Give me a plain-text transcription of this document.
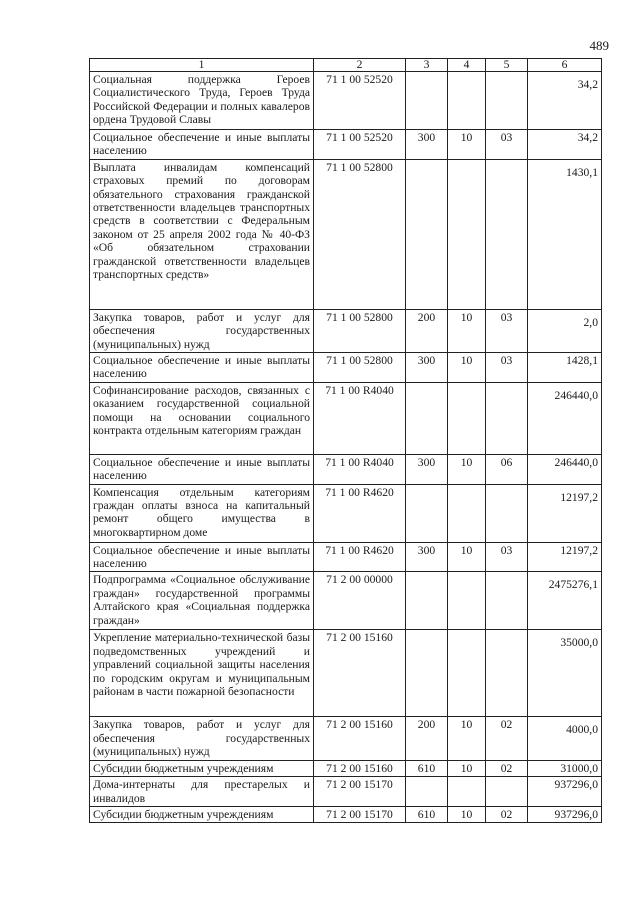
489
1	2	3	4	5	6
Социальная поддержка Героев Социалистического Труда, Героев Труда Российской Федерации и полных кавалеров ордена Трудовой Славы	71 1 00 52520				34,2
Социальное обеспечение и иные выплаты населению	71 1 00 52520	300	10	03	34,2
Выплата инвалидам компенсаций страховых премий по договорам обязательного страхования гражданской ответственности владельцев транспортных средств в соответствии с Федеральным законом от 25 апреля 2002 года № 40-ФЗ «Об обязательном страховании гражданской ответственности владельцев транспортных средств»	71 1 00 52800				1430,1
Закупка товаров, работ и услуг для обеспечения государственных (муниципальных) нужд	71 1 00 52800	200	10	03	2,0
Социальное обеспечение и иные выплаты населению	71 1 00 52800	300	10	03	1428,1
Софинансирование расходов, связанных с оказанием государственной социальной помощи на основании социального контракта отдельным категориям граждан	71 1 00 R4040				246440,0
Социальное обеспечение и иные выплаты населению	71 1 00 R4040	300	10	06	246440,0
Компенсация отдельным категориям граждан оплаты взноса на капитальный ремонт общего имущества в многоквартирном доме	71 1 00 R4620				12197,2
Социальное обеспечение и иные выплаты населению	71 1 00 R4620	300	10	03	12197,2
Подпрограмма «Социальное обслуживание граждан» государственной программы Алтайского края «Социальная поддержка граждан»	71 2 00 00000				2475276,1
Укрепление материально-технической базы подведомственных учреждений и управлений социальной защиты населения по городским округам и муниципальным районам в части пожарной безопасности	71 2 00 15160				35000,0
Закупка товаров, работ и услуг для обеспечения государственных (муниципальных) нужд	71 2 00 15160	200	10	02	4000,0
Субсидии бюджетным учреждениям	71 2 00 15160	610	10	02	31000,0
Дома-интернаты для престарелых и инвалидов	71 2 00 15170				937296,0
Субсидии бюджетным учреждениям	71 2 00 15170	610	10	02	937296,0
